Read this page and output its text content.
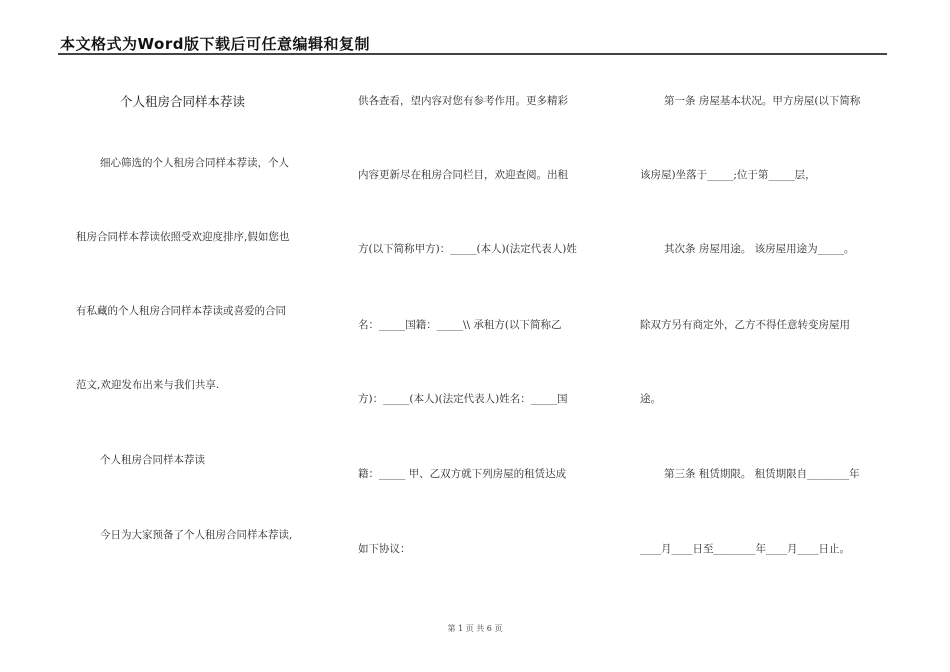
本文格式为Word版下载后可任意编辑和复制
个人租房合同样本荐读
细心筛选的个人租房合同样本荐读，个人
租房合同样本荐读依照受欢迎度排序,假如您也
有私藏的个人租房合同样本荐读或喜爱的合同
范文,欢迎发布出来与我们共享.
个人租房合同样本荐读
今日为大家预备了个人租房合同样本荐读,
供各查看，望内容对您有参考作用。更多精彩
内容更新尽在租房合同栏目，欢迎查阅。出租
方(以下简称甲方)：_____(本人)(法定代表人)姓
名：_____国籍：_____\\ 承租方(以下简称乙
方)：_____(本人)(法定代表人)姓名：_____国
籍：_____ 甲、乙双方就下列房屋的租赁达成
如下协议：
第一条 房屋基本状况。甲方房屋(以下简称
该房屋)坐落于_____;位于第_____层，
其次条 房屋用途。 该房屋用途为_____。
除双方另有商定外，乙方不得任意转变房屋用
途。
第三条 租赁期限。 租赁期限自________年
____月____日至________年____月____日止。
第 1 页 共 6 页
